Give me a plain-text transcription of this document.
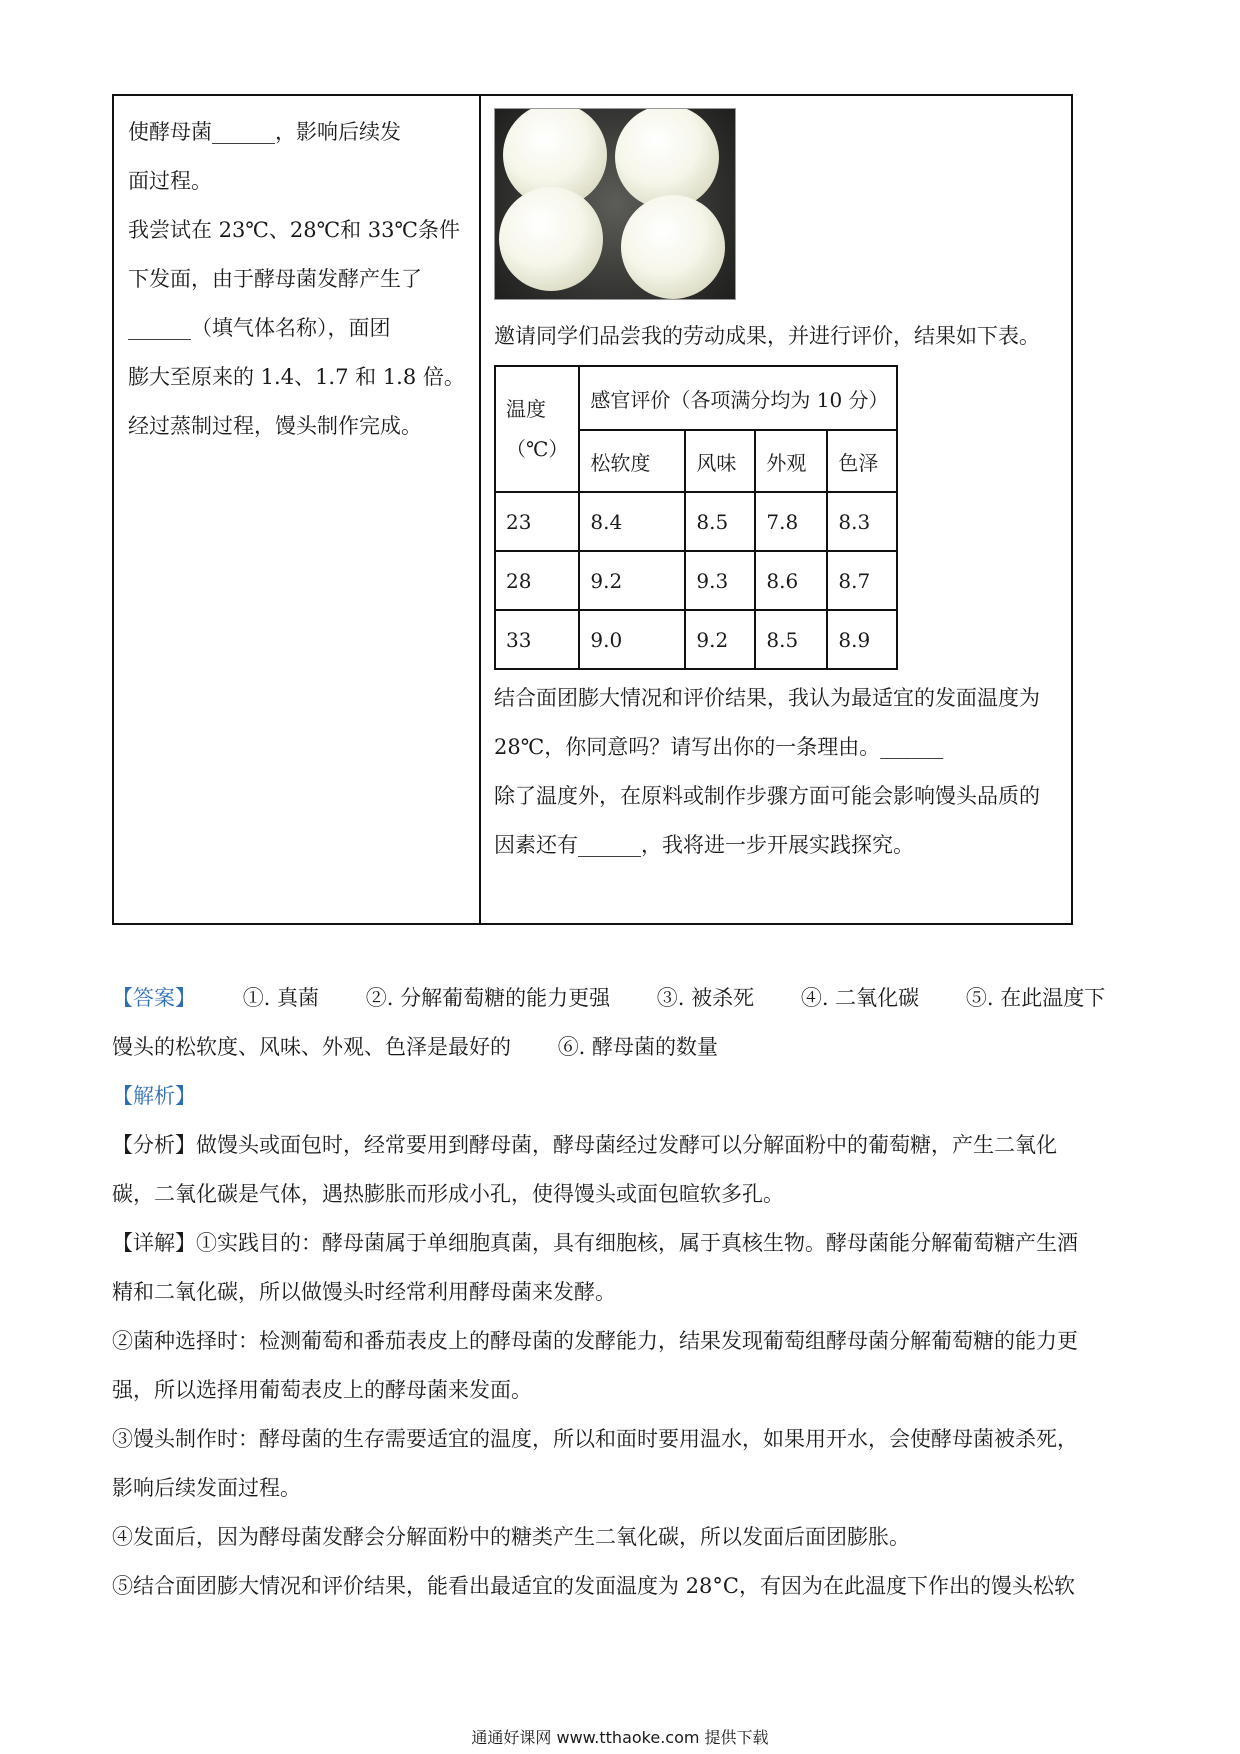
使酵母菌______，影响后续发

面过程。

我尝试在 23℃、28℃和 33℃条件

下发面，由于酵母菌发酵产生了

______（填气体名称），面团

膨大至原来的 1.4、1.7 和 1.8 倍。

经过蒸制过程，馒头制作完成。

邀请同学们品尝我的劳动成果，并进行评价，结果如下表。

温度
（℃）	感官评价（各项满分均为 10 分）			
	松软度	风味	外观	色泽
23	8.4	8.5	7.8	8.3
28	9.2	9.3	8.6	8.7
33	9.0	9.2	8.5	8.9

结合面团膨大情况和评价结果，我认为最适宜的发面温度为

28℃，你同意吗？请写出你的一条理由。______

除了温度外，在原料或制作步骤方面可能会影响馒头品质的

因素还有______，我将进一步开展实践探究。

【答案】 ①. 真菌 ②. 分解葡萄糖的能力更强 ③. 被杀死 ④. 二氧化碳 ⑤. 在此温度下

馒头的松软度、风味、外观、色泽是最好的 ⑥. 酵母菌的数量

【解析】

【分析】做馒头或面包时，经常要用到酵母菌，酵母菌经过发酵可以分解面粉中的葡萄糖，产生二氧化

碳，二氧化碳是气体，遇热膨胀而形成小孔，使得馒头或面包暄软多孔。

【详解】①实践目的：酵母菌属于单细胞真菌，具有细胞核，属于真核生物。酵母菌能分解葡萄糖产生酒

精和二氧化碳，所以做馒头时经常利用酵母菌来发酵。

②菌种选择时：检测葡萄和番茄表皮上的酵母菌的发酵能力，结果发现葡萄组酵母菌分解葡萄糖的能力更

强，所以选择用葡萄表皮上的酵母菌来发面。

③馒头制作时：酵母菌的生存需要适宜的温度，所以和面时要用温水，如果用开水，会使酵母菌被杀死，

影响后续发面过程。

④发面后，因为酵母菌发酵会分解面粉中的糖类产生二氧化碳，所以发面后面团膨胀。

⑤结合面团膨大情况和评价结果，能看出最适宜的发面温度为 28°C，有因为在此温度下作出的馒头松软

通通好课网 www.tthaoke.com 提供下载
